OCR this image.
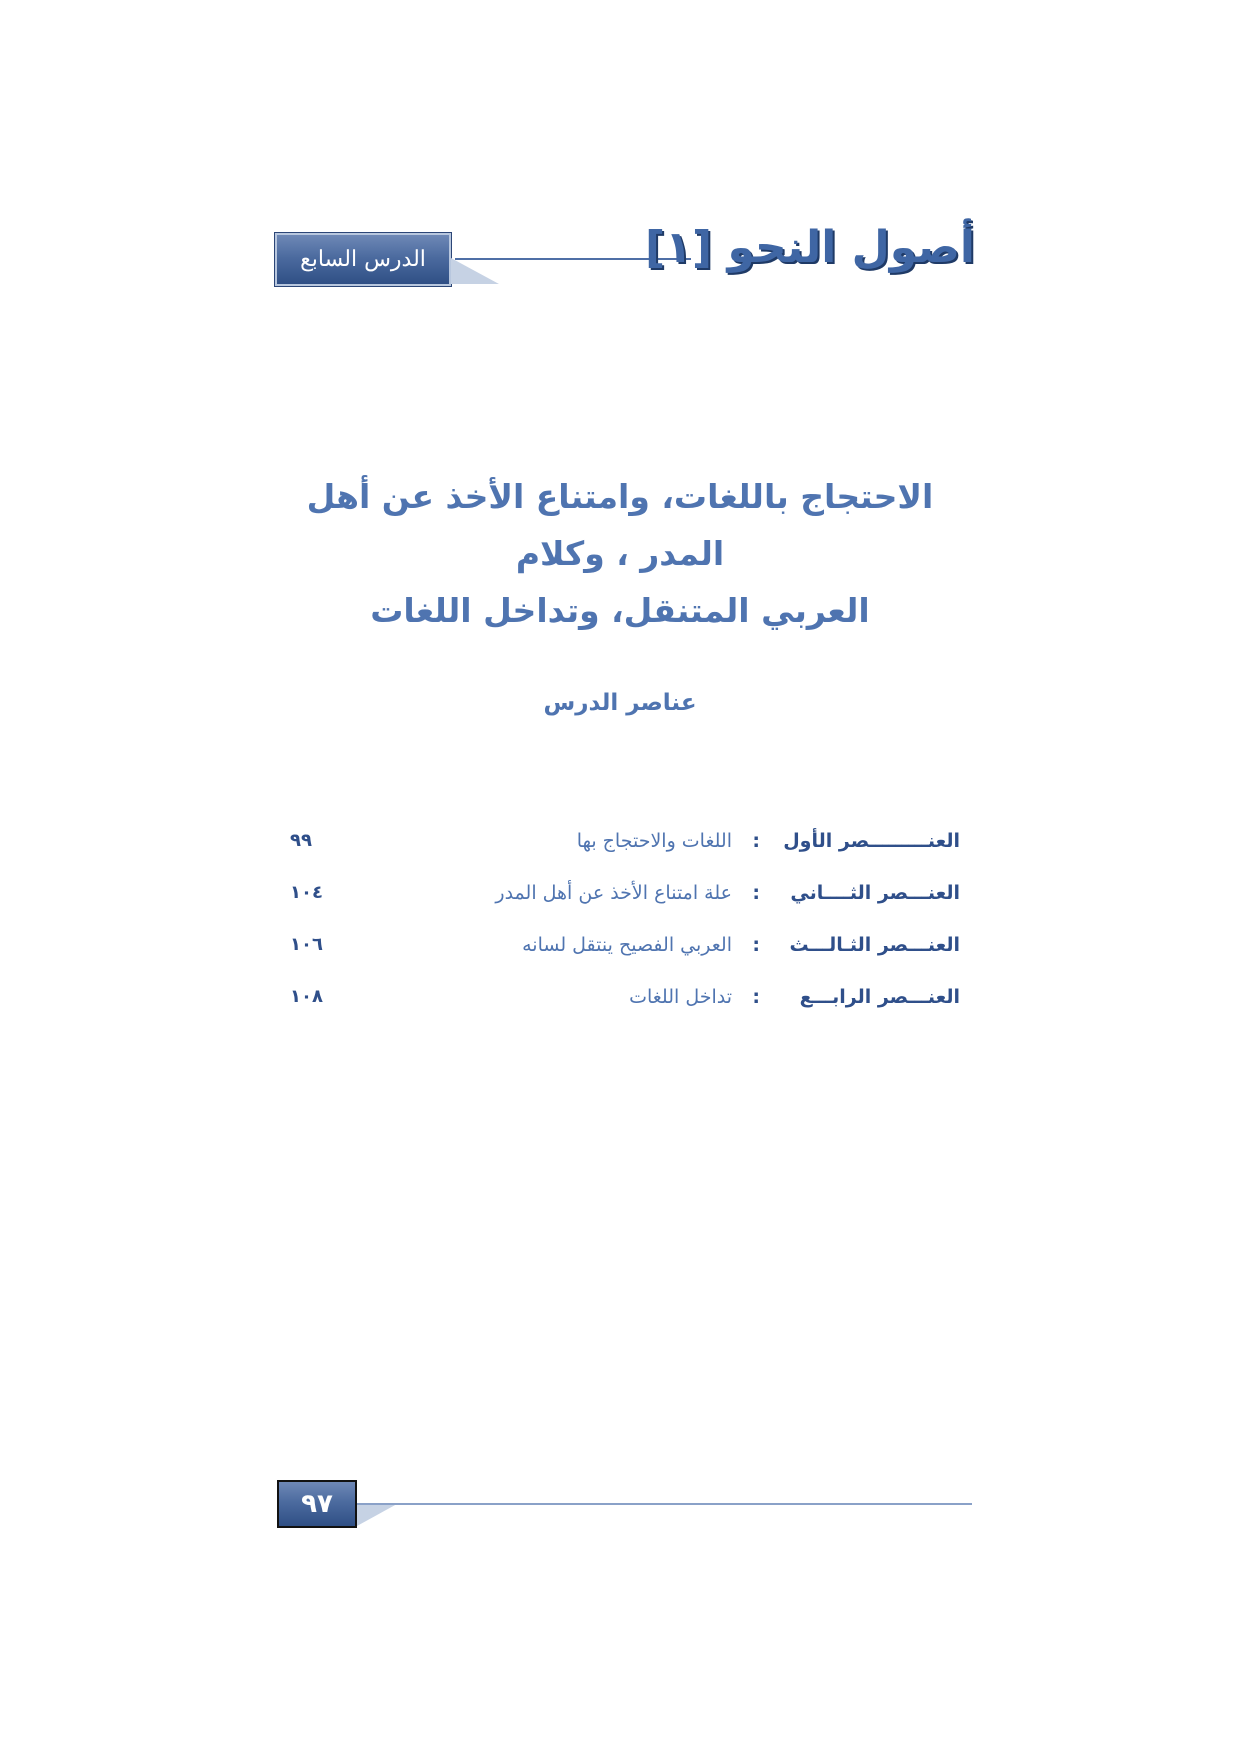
الدرس السابع	أصول النحو [١]
الاحتجاج باللغات، وامتناع الأخذ عن أهل المدر ، وكلام
العربي المتنقل، وتداخل اللغات
عناصر الدرس
العنـــــــــصر الأول
:
اللغات والاحتجاج بها
٩٩
العنـــصر الثــــاني
:
علة امتناع الأخذ عن أهل المدر
١٠٤
العنـــصر الثـالـــث
:
العربي الفصيح ينتقل لسانه
١٠٦
العنـــصر الرابـــع
:
تداخل اللغات
١٠٨
٩٧
